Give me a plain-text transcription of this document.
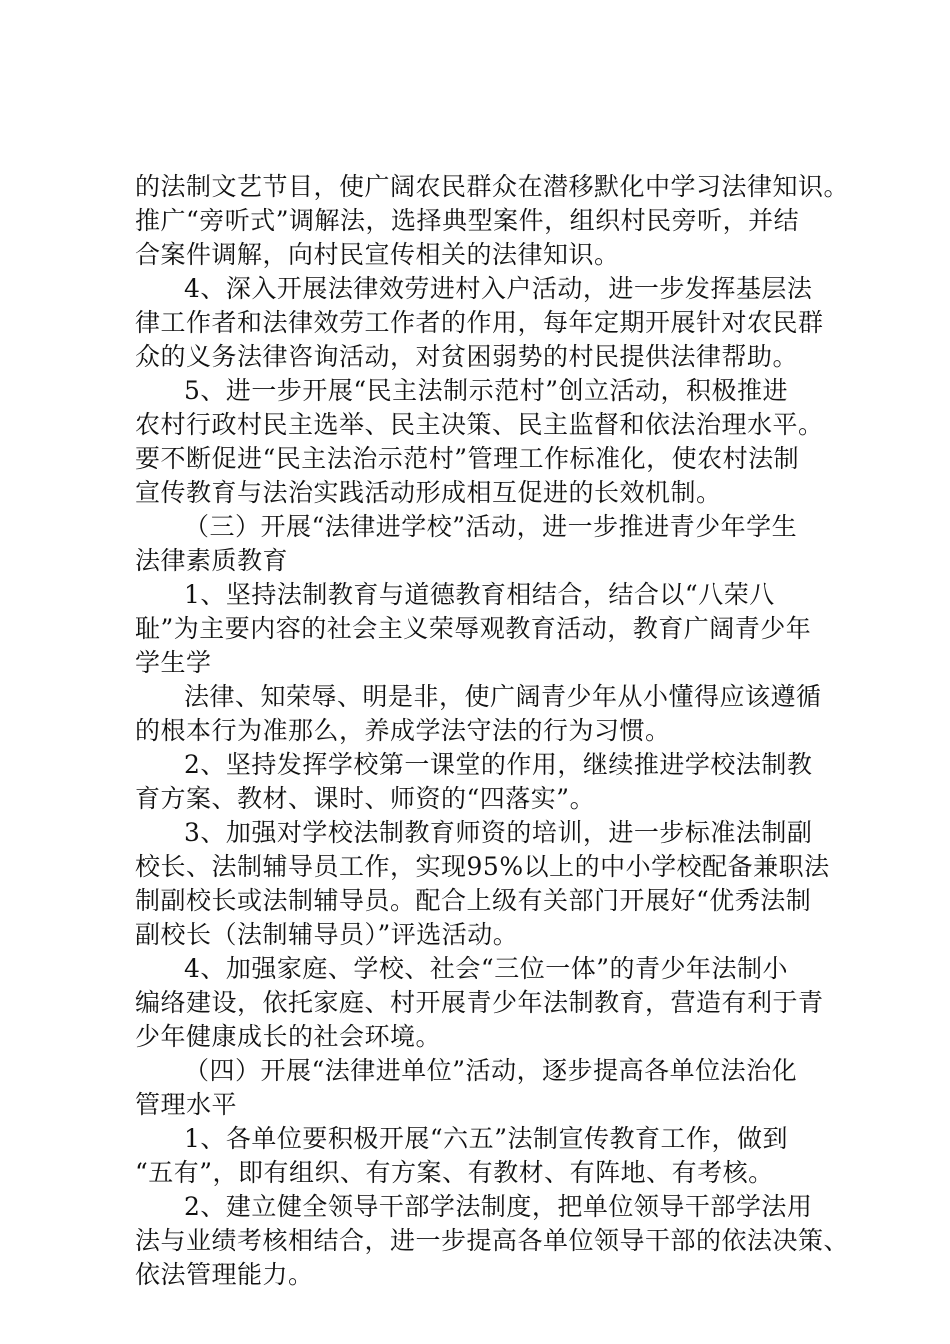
的法制文艺节目，使广阔农民群众在潜移默化中学习法律知识。
推广“旁听式”调解法，选择典型案件，组织村民旁听，并结
合案件调解，向村民宣传相关的法律知识。
4、深入开展法律效劳进村入户活动，进一步发挥基层法
律工作者和法律效劳工作者的作用，每年定期开展针对农民群
众的义务法律咨询活动，对贫困弱势的村民提供法律帮助。
5、进一步开展“民主法制示范村”创立活动，积极推进
农村行政村民主选举、民主决策、民主监督和依法治理水平。
要不断促进“民主法治示范村”管理工作标准化，使农村法制
宣传教育与法治实践活动形成相互促进的长效机制。
（三）开展“法律进学校”活动，进一步推进青少年学生
法律素质教育
1、坚持法制教育与道德教育相结合，结合以“八荣八
耻”为主要内容的社会主义荣辱观教育活动，教育广阔青少年
学生学
法律、知荣辱、明是非，使广阔青少年从小懂得应该遵循
的根本行为准那么，养成学法守法的行为习惯。
2、坚持发挥学校第一课堂的作用，继续推进学校法制教
育方案、教材、课时、师资的“四落实”。
3、加强对学校法制教育师资的培训，进一步标准法制副
校长、法制辅导员工作，实现95%以上的中小学校配备兼职法
制副校长或法制辅导员。配合上级有关部门开展好“优秀法制
副校长（法制辅导员）”评选活动。
4、加强家庭、学校、社会“三位一体”的青少年法制小
编络建设，依托家庭、村开展青少年法制教育，营造有利于青
少年健康成长的社会环境。
（四）开展“法律进单位”活动，逐步提高各单位法治化
管理水平
1、各单位要积极开展“六五”法制宣传教育工作，做到
“五有”，即有组织、有方案、有教材、有阵地、有考核。
2、建立健全领导干部学法制度，把单位领导干部学法用
法与业绩考核相结合，进一步提高各单位领导干部的依法决策、
依法管理能力。
